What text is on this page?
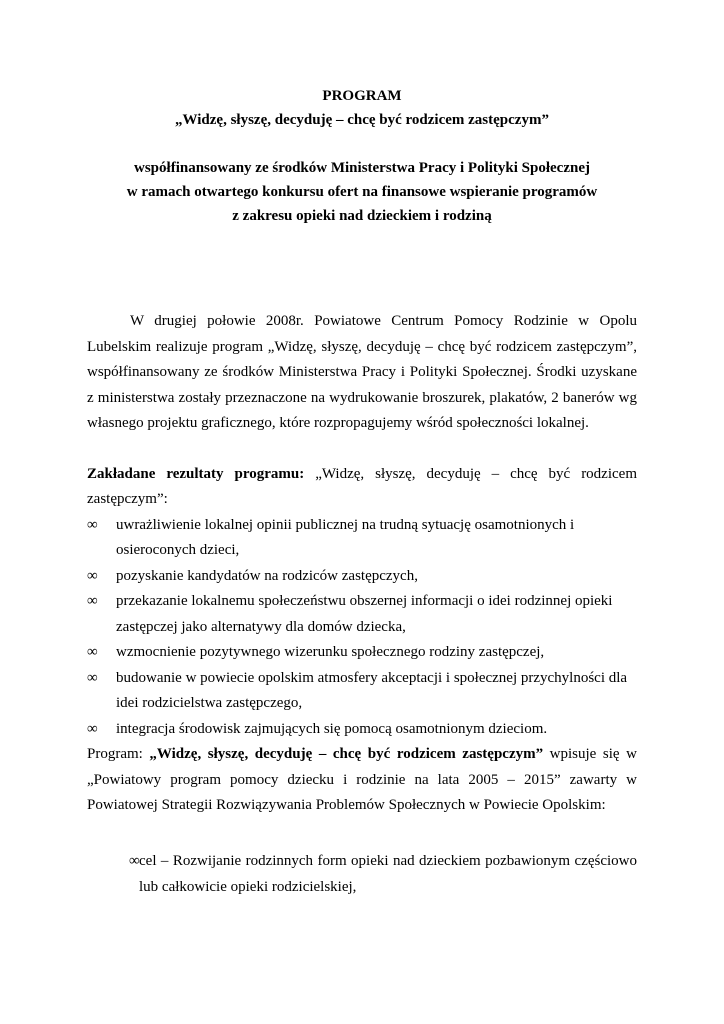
PROGRAM
„Widzę, słyszę, decyduję – chcę być rodzicem zastępczym”
współfinansowany ze środków Ministerstwa Pracy i Polityki Społecznej
w ramach otwartego konkursu ofert na finansowe wspieranie programów
z zakresu opieki nad dzieckiem i rodziną
W drugiej połowie 2008r. Powiatowe Centrum Pomocy Rodzinie w Opolu Lubelskim realizuje program „Widzę, słyszę, decyduję – chcę być rodzicem zastępczym”, współfinansowany ze środków Ministerstwa Pracy i Polityki Społecznej. Środki uzyskane z ministerstwa zostały przeznaczone na wydrukowanie broszurek, plakatów, 2 banerów wg własnego projektu graficznego, które rozpropagujemy wśród społeczności lokalnej.
Zakładane rezultaty programu: „Widzę, słyszę, decyduję – chcę być rodzicem zastępczym”:
∞ uwrażliwienie lokalnej opinii publicznej na trudną sytuację osamotnionych i osieroconych dzieci,
∞ pozyskanie kandydatów na rodziców zastępczych,
∞ przekazanie lokalnemu społeczeństwu obszernej informacji o idei rodzinnej opieki zastępczej jako alternatywy dla domów dziecka,
∞ wzmocnienie pozytywnego wizerunku społecznego rodziny zastępczej,
∞ budowanie w powiecie opolskim atmosfery akceptacji i społecznej przychylności dla idei rodzicielstwa zastępczego,
∞ integracja środowisk zajmujących się pomocą osamotnionym dzieciom.
Program: „Widzę, słyszę, decyduję – chcę być rodzicem zastępczym” wpisuje się w „Powiatowy program pomocy dziecku i rodzinie na lata 2005 – 2015” zawarty w Powiatowej Strategii Rozwiązywania Problemów Społecznych w Powiecie Opolskim:
∞ cel – Rozwijanie rodzinnych form opieki nad dzieckiem pozbawionym częściowo lub całkowicie opieki rodzicielskiej,
